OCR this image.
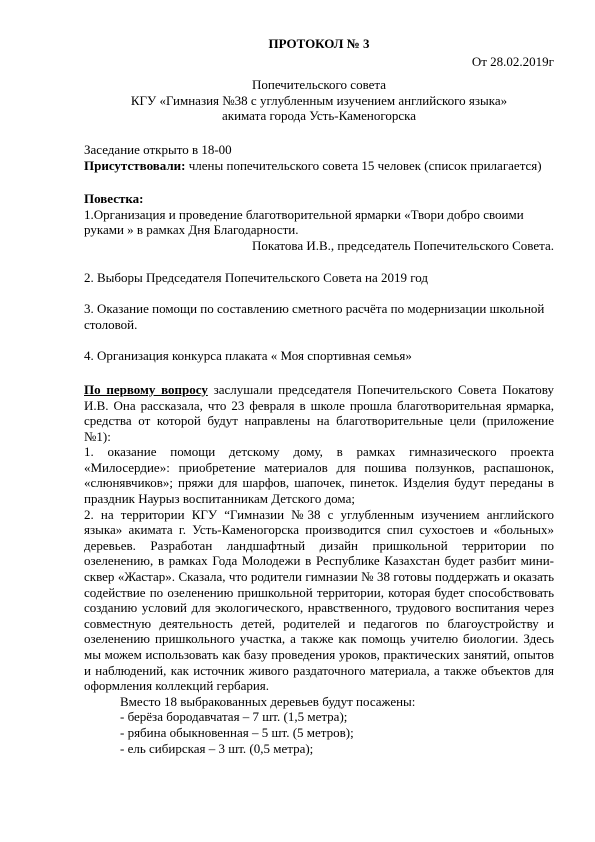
ПРОТОКОЛ № 3
От 28.02.2019г
Попечительского совета
КГУ «Гимназия №38 с углубленным изучением английского языка»
акимата города Усть-Каменогорска
Заседание открыто в 18-00
Присутствовали: члены попечительского совета 15 человек (список прилагается)
Повестка:
1.Организация и проведение благотворительной ярмарки «Твори добро своими руками » в рамках Дня Благодарности.
Покатова И.В., председатель Попечительского Совета.
2. Выборы Председателя Попечительского Совета на 2019 год
3. Оказание помощи по составлению сметного расчёта по модернизации школьной столовой.
4. Организация конкурса плаката « Моя спортивная семья»
По первому вопросу заслушали председателя Попечительского Совета Покатову И.В. Она рассказала, что 23 февраля в школе прошла благотворительная ярмарка, средства от которой будут направлены на благотворительные цели (приложение №1):
1. оказание помощи детскому дому, в рамках гимназического проекта «Милосердие»: приобретение материалов для пошива ползунков, распашонок, «слюнявчиков»; пряжи для шарфов, шапочек, пинеток. Изделия будут переданы в праздник Наурыз воспитанникам Детского дома;
2. на территории КГУ “Гимназии №38 с углубленным изучением английского языка» акимата г. Усть-Каменогорска производится спил сухостоев и «больных» деревьев. Разработан ландшафтный дизайн пришкольной территории по озеленению, в рамках Года Молодежи в Республике Казахстан будет разбит мини-сквер «Жастар». Сказала, что родители гимназии № 38 готовы поддержать и оказать содействие по озеленению пришкольной территории, которая будет способствовать созданию условий для экологического, нравственного, трудового воспитания через совместную деятельность детей, родителей и педагогов по благоустройству и озеленению пришкольного участка, а также как помощь учителю биологии. Здесь мы можем использовать как базу проведения уроков, практических занятий, опытов и наблюдений, как источник живого раздаточного материала, а также объектов для оформления коллекций гербария.
Вместо 18 выбракованных деревьев будут посажены:
- берёза бородавчатая – 7 шт. (1,5 метра);
- рябина обыкновенная – 5 шт. (5 метров);
- ель сибирская – 3 шт. (0,5 метра);
